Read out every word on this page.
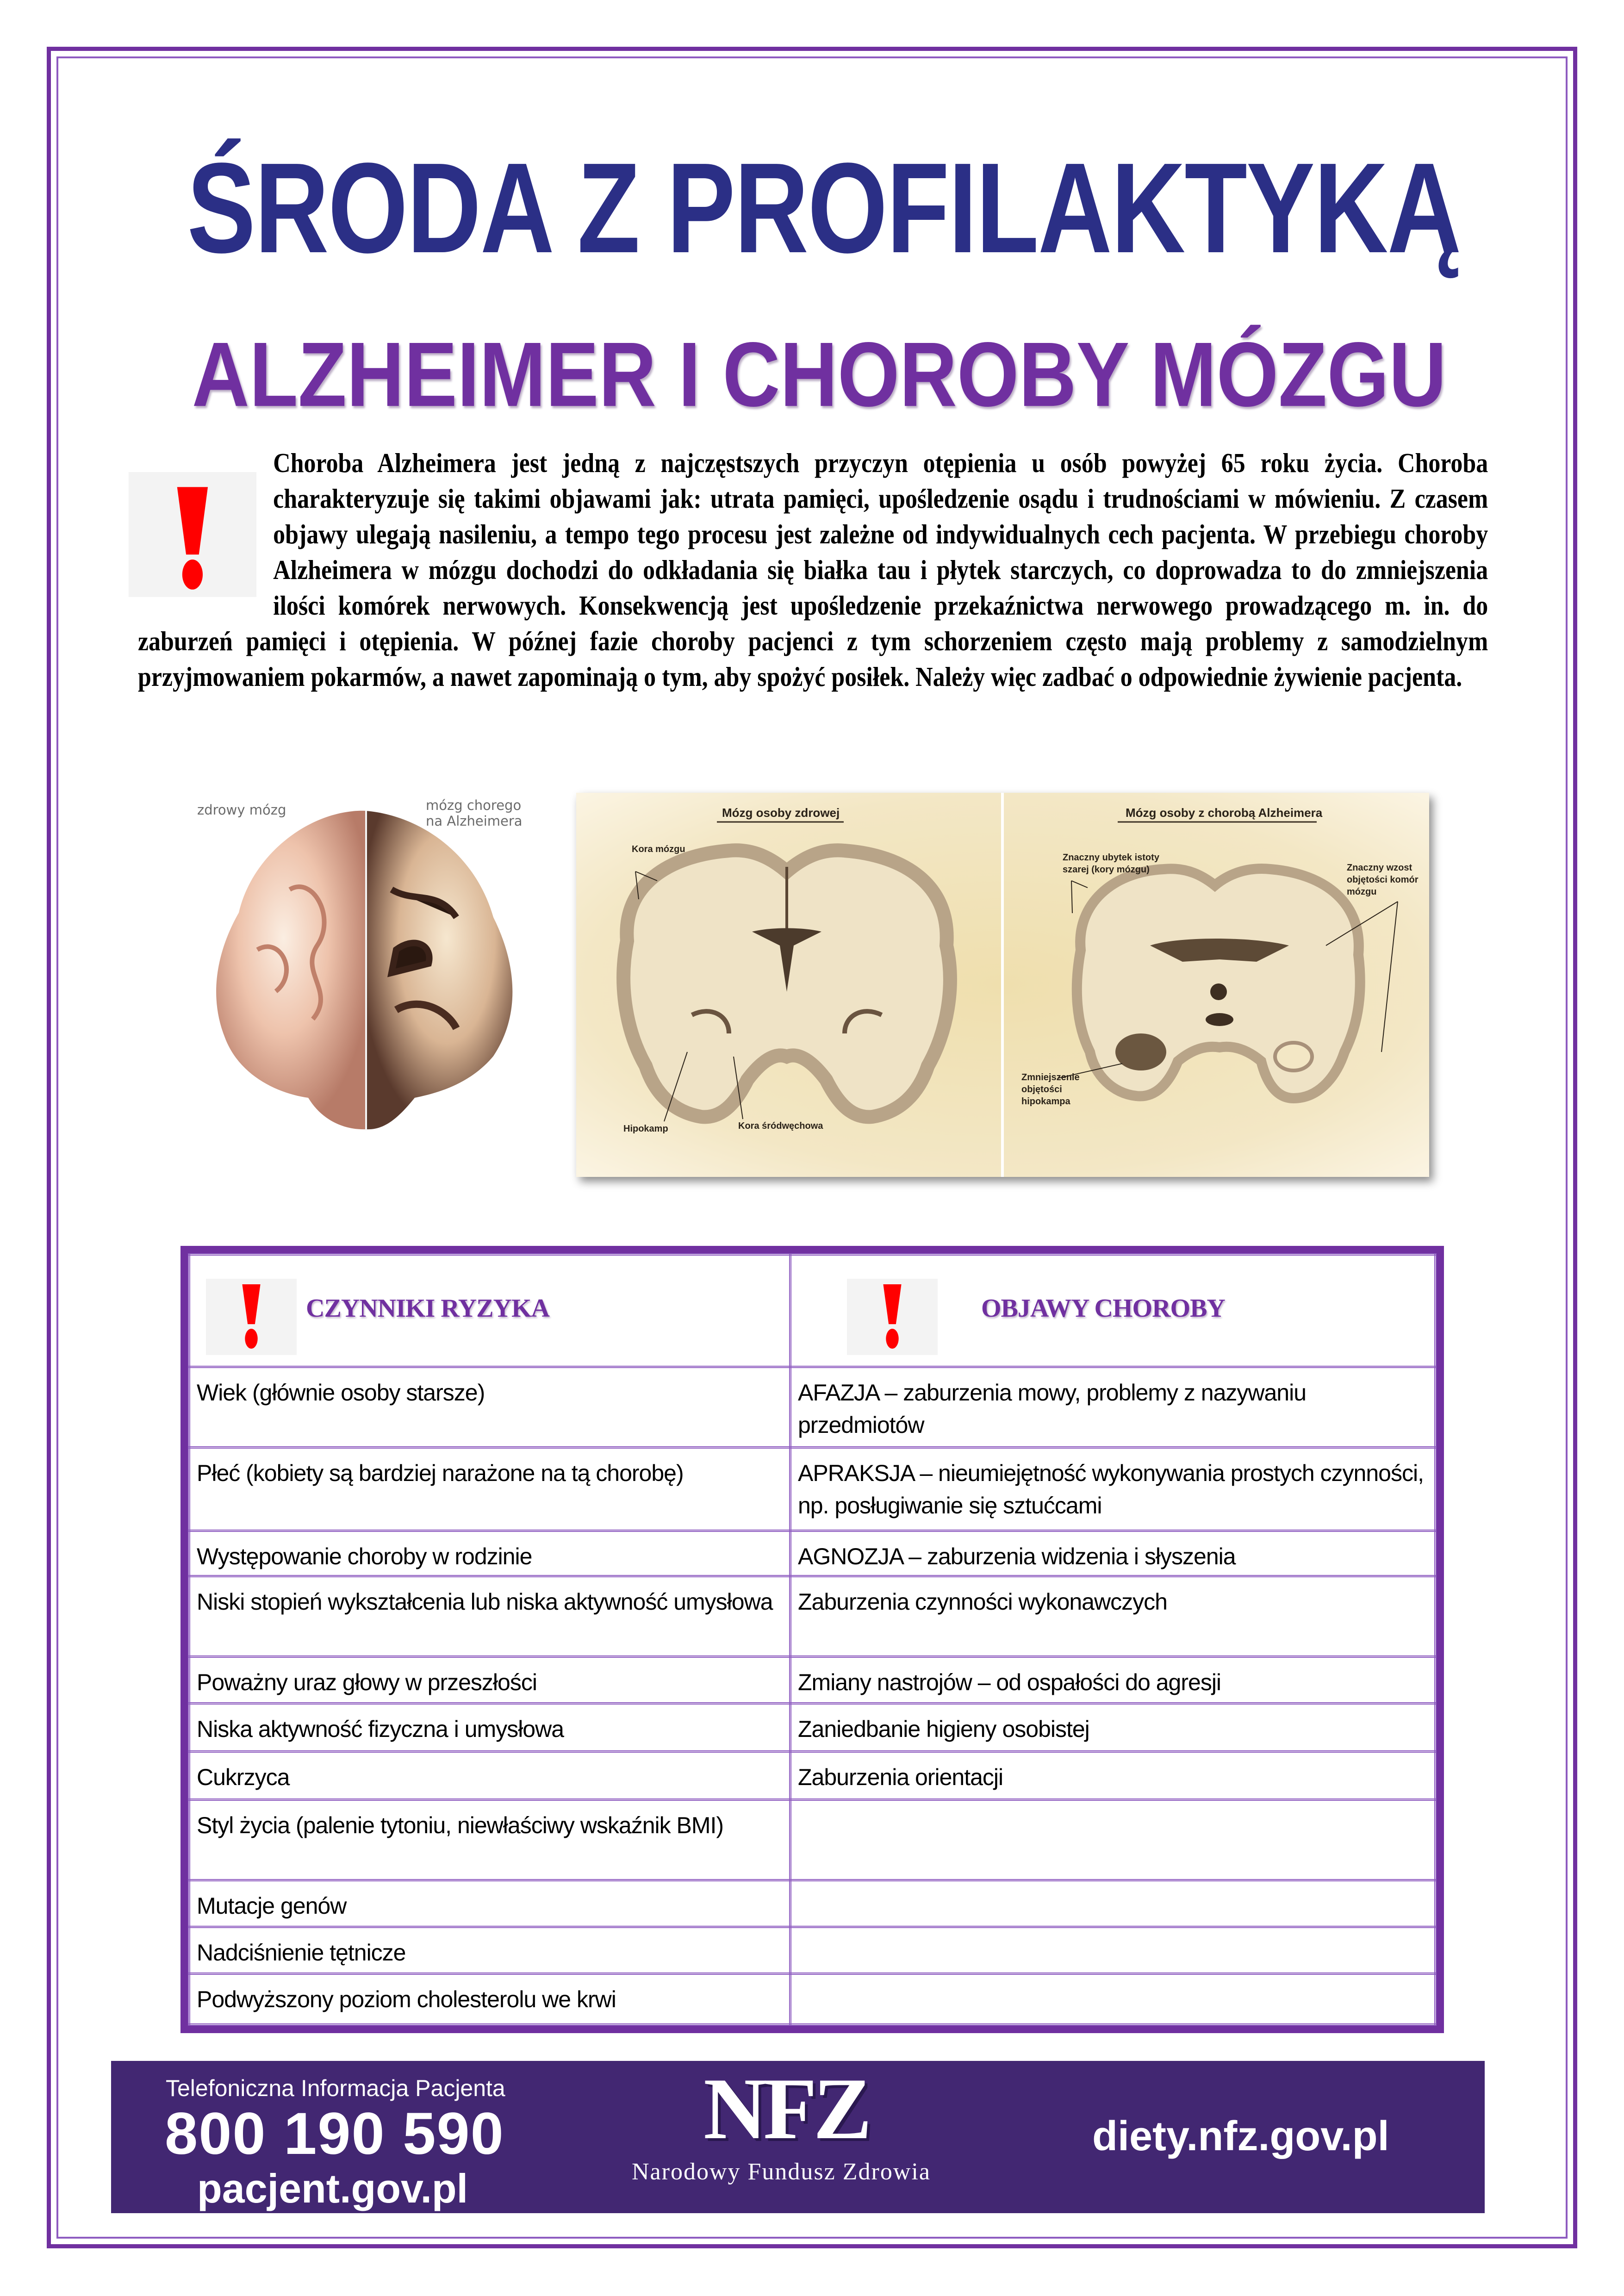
ŚRODA Z PROFILAKTYKĄ
ALZHEIMER I CHOROBY MÓZGU
Choroba Alzheimera jest jedną z najczęstszych przyczyn otępienia u osób powyżej 65 roku życia. Choroba charakteryzuje się takimi objawami jak: utrata pamięci, upośledzenie osądu i trudnościami w mówieniu. Z czasem objawy ulegają nasileniu, a tempo tego procesu jest zależne od indywidualnych cech pacjenta. W przebiegu choroby Alzheimera w mózgu dochodzi do odkładania się białka tau i płytek starczych, co doprowadza to do zmniejszenia ilości komórek nerwowych. Konsekwencją jest upośledzenie przekaźnictwa nerwowego prowadzącego m. in. do zaburzeń pamięci i otępienia. W późnej fazie choroby pacjenci z tym schorzeniem często mają problemy z samodzielnym przyjmowaniem pokarmów, a nawet zapominają o tym, aby spożyć posiłek. Należy więc zadbać o odpowiednie żywienie pacjenta.
zdrowy mózg	mózg chorego
na Alzheimera
Mózg osoby zdrowej	Mózg osoby z chorobą Alzheimera
Kora mózgu
Hipokamp	Kora śródwęchowa
Znaczny ubytek istoty
szarej (kory mózgu)	Znaczny wzost
objętości komór
mózgu
Zmniejszenie
objętości
hipokampa
CZYNNIKI RYZYKA	OBJAWY CHOROBY

Wiek (głównie osoby starsze)	AFAZJA – zaburzenia mowy, problemy z nazywaniu przedmiotów
Płeć (kobiety są bardziej narażone na tą chorobę)	APRAKSJA – nieumiejętność wykonywania prostych czynności, np. posługiwanie się sztućcami
Występowanie choroby w rodzinie	AGNOZJA – zaburzenia widzenia i słyszenia
Niski stopień wykształcenia lub niska aktywność umysłowa	Zaburzenia czynności wykonawczych
Poważny uraz głowy w przeszłości	Zmiany nastrojów – od ospałości do agresji
Niska aktywność fizyczna i umysłowa	Zaniedbanie higieny osobistej
Cukrzyca	Zaburzenia orientacji
Styl życia (palenie tytoniu, niewłaściwy wskaźnik BMI)	
Mutacje genów	
Nadciśnienie tętnicze	
Podwyższony poziom cholesterolu we krwi	
Telefoniczna Informacja Pacjenta
800 190 590
pacjent.gov.pl
NFZ
Narodowy Fundusz Zdrowia
diety.nfz.gov.pl
